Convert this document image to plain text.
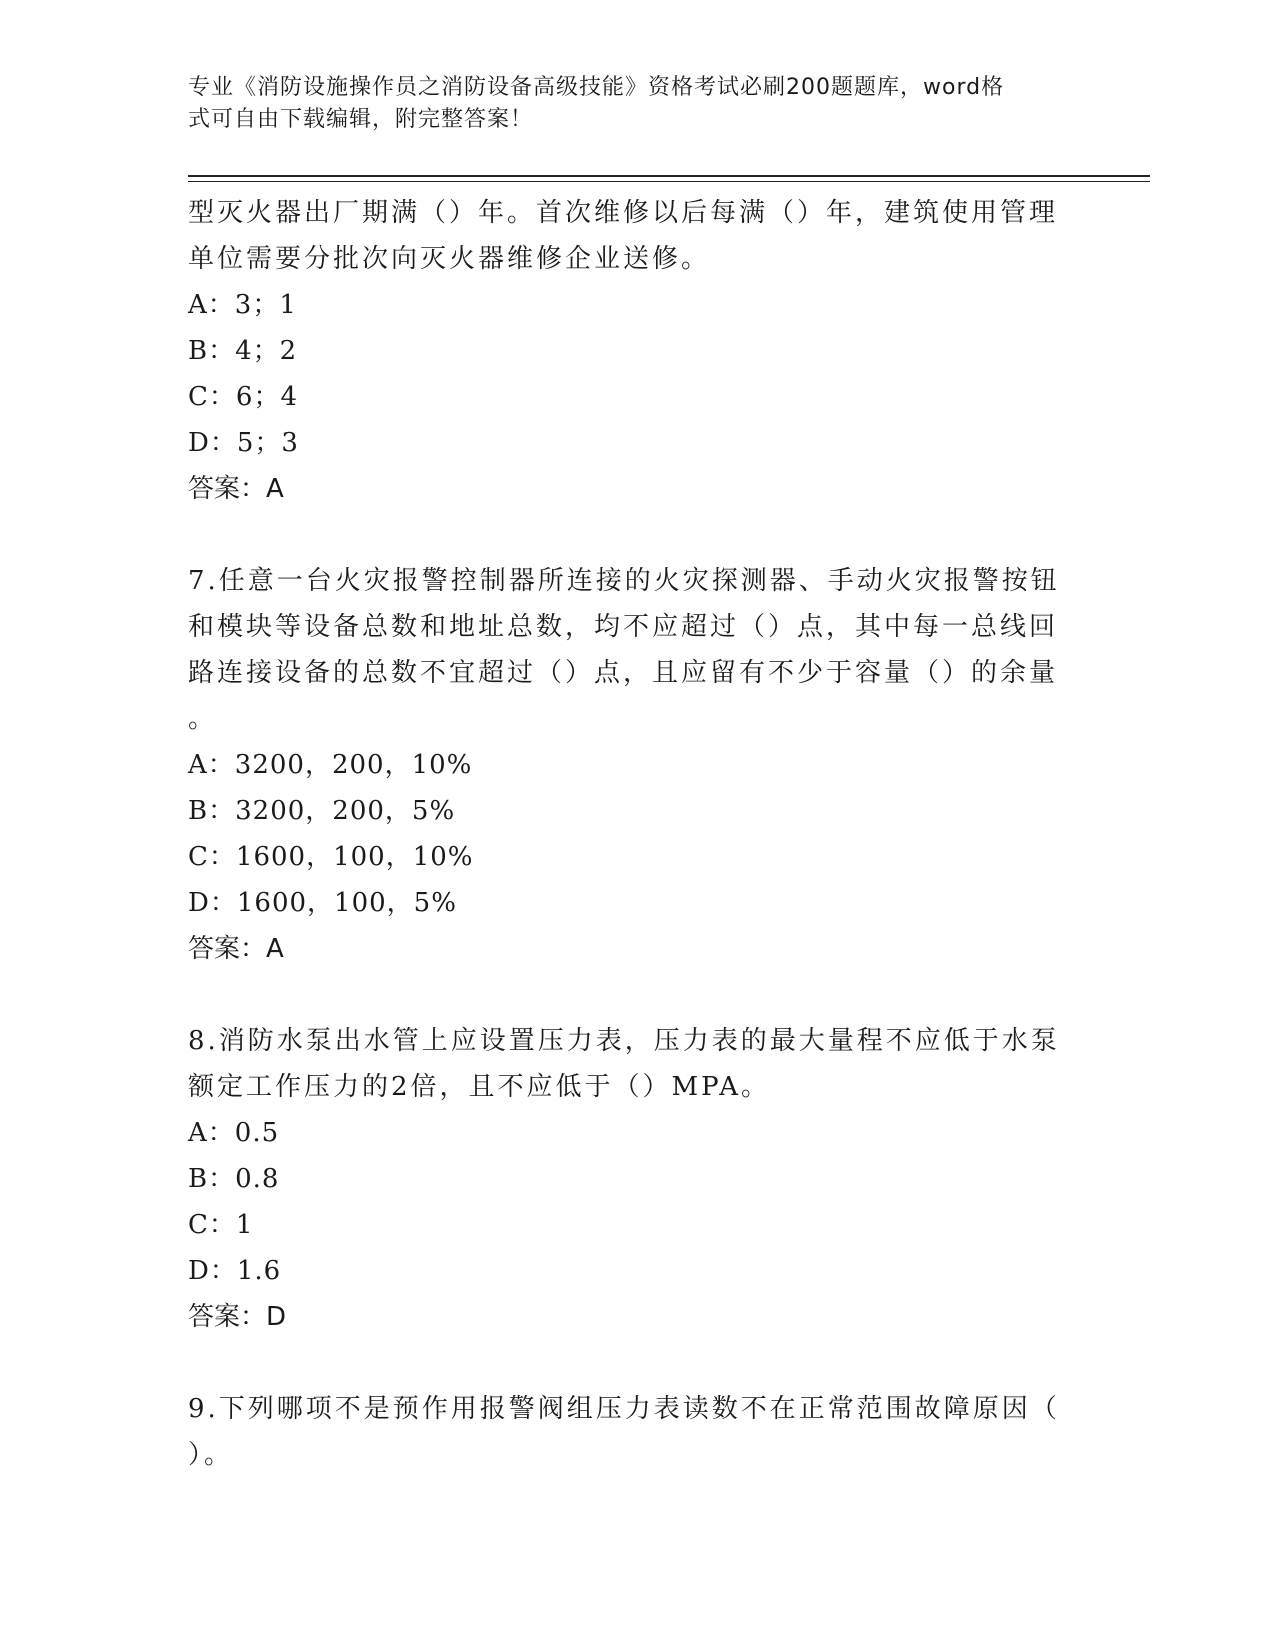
专业《消防设施操作员之消防设备高级技能》资格考试必刷200题题库，word格
式可自由下载编辑，附完整答案！

型灭火器出厂期满（）年。首次维修以后每满（）年，建筑使用管理

单位需要分批次向灭火器维修企业送修。

A： 3；1
B： 4；2
C： 6；4
D： 5；3

答案：A

7.任意一台火灾报警控制器所连接的火灾探测器、手动火灾报警按钮

和模块等设备总数和地址总数，均不应超过（）点，其中每一总线回

路连接设备的总数不宜超过（）点，且应留有不少于容量（）的余量

。

A： 3200，200，10%
B： 3200，200，5%
C： 1600，100，10%
D： 1600，100，5%

答案：A

8.消防水泵出水管上应设置压力表，压力表的最大量程不应低于水泵

额定工作压力的2倍，且不应低于（）MPA。

A： 0.5
B： 0.8
C： 1
D： 1.6

答案：D

9.下列哪项不是预作用报警阀组压力表读数不在正常范围故障原因（

）。
